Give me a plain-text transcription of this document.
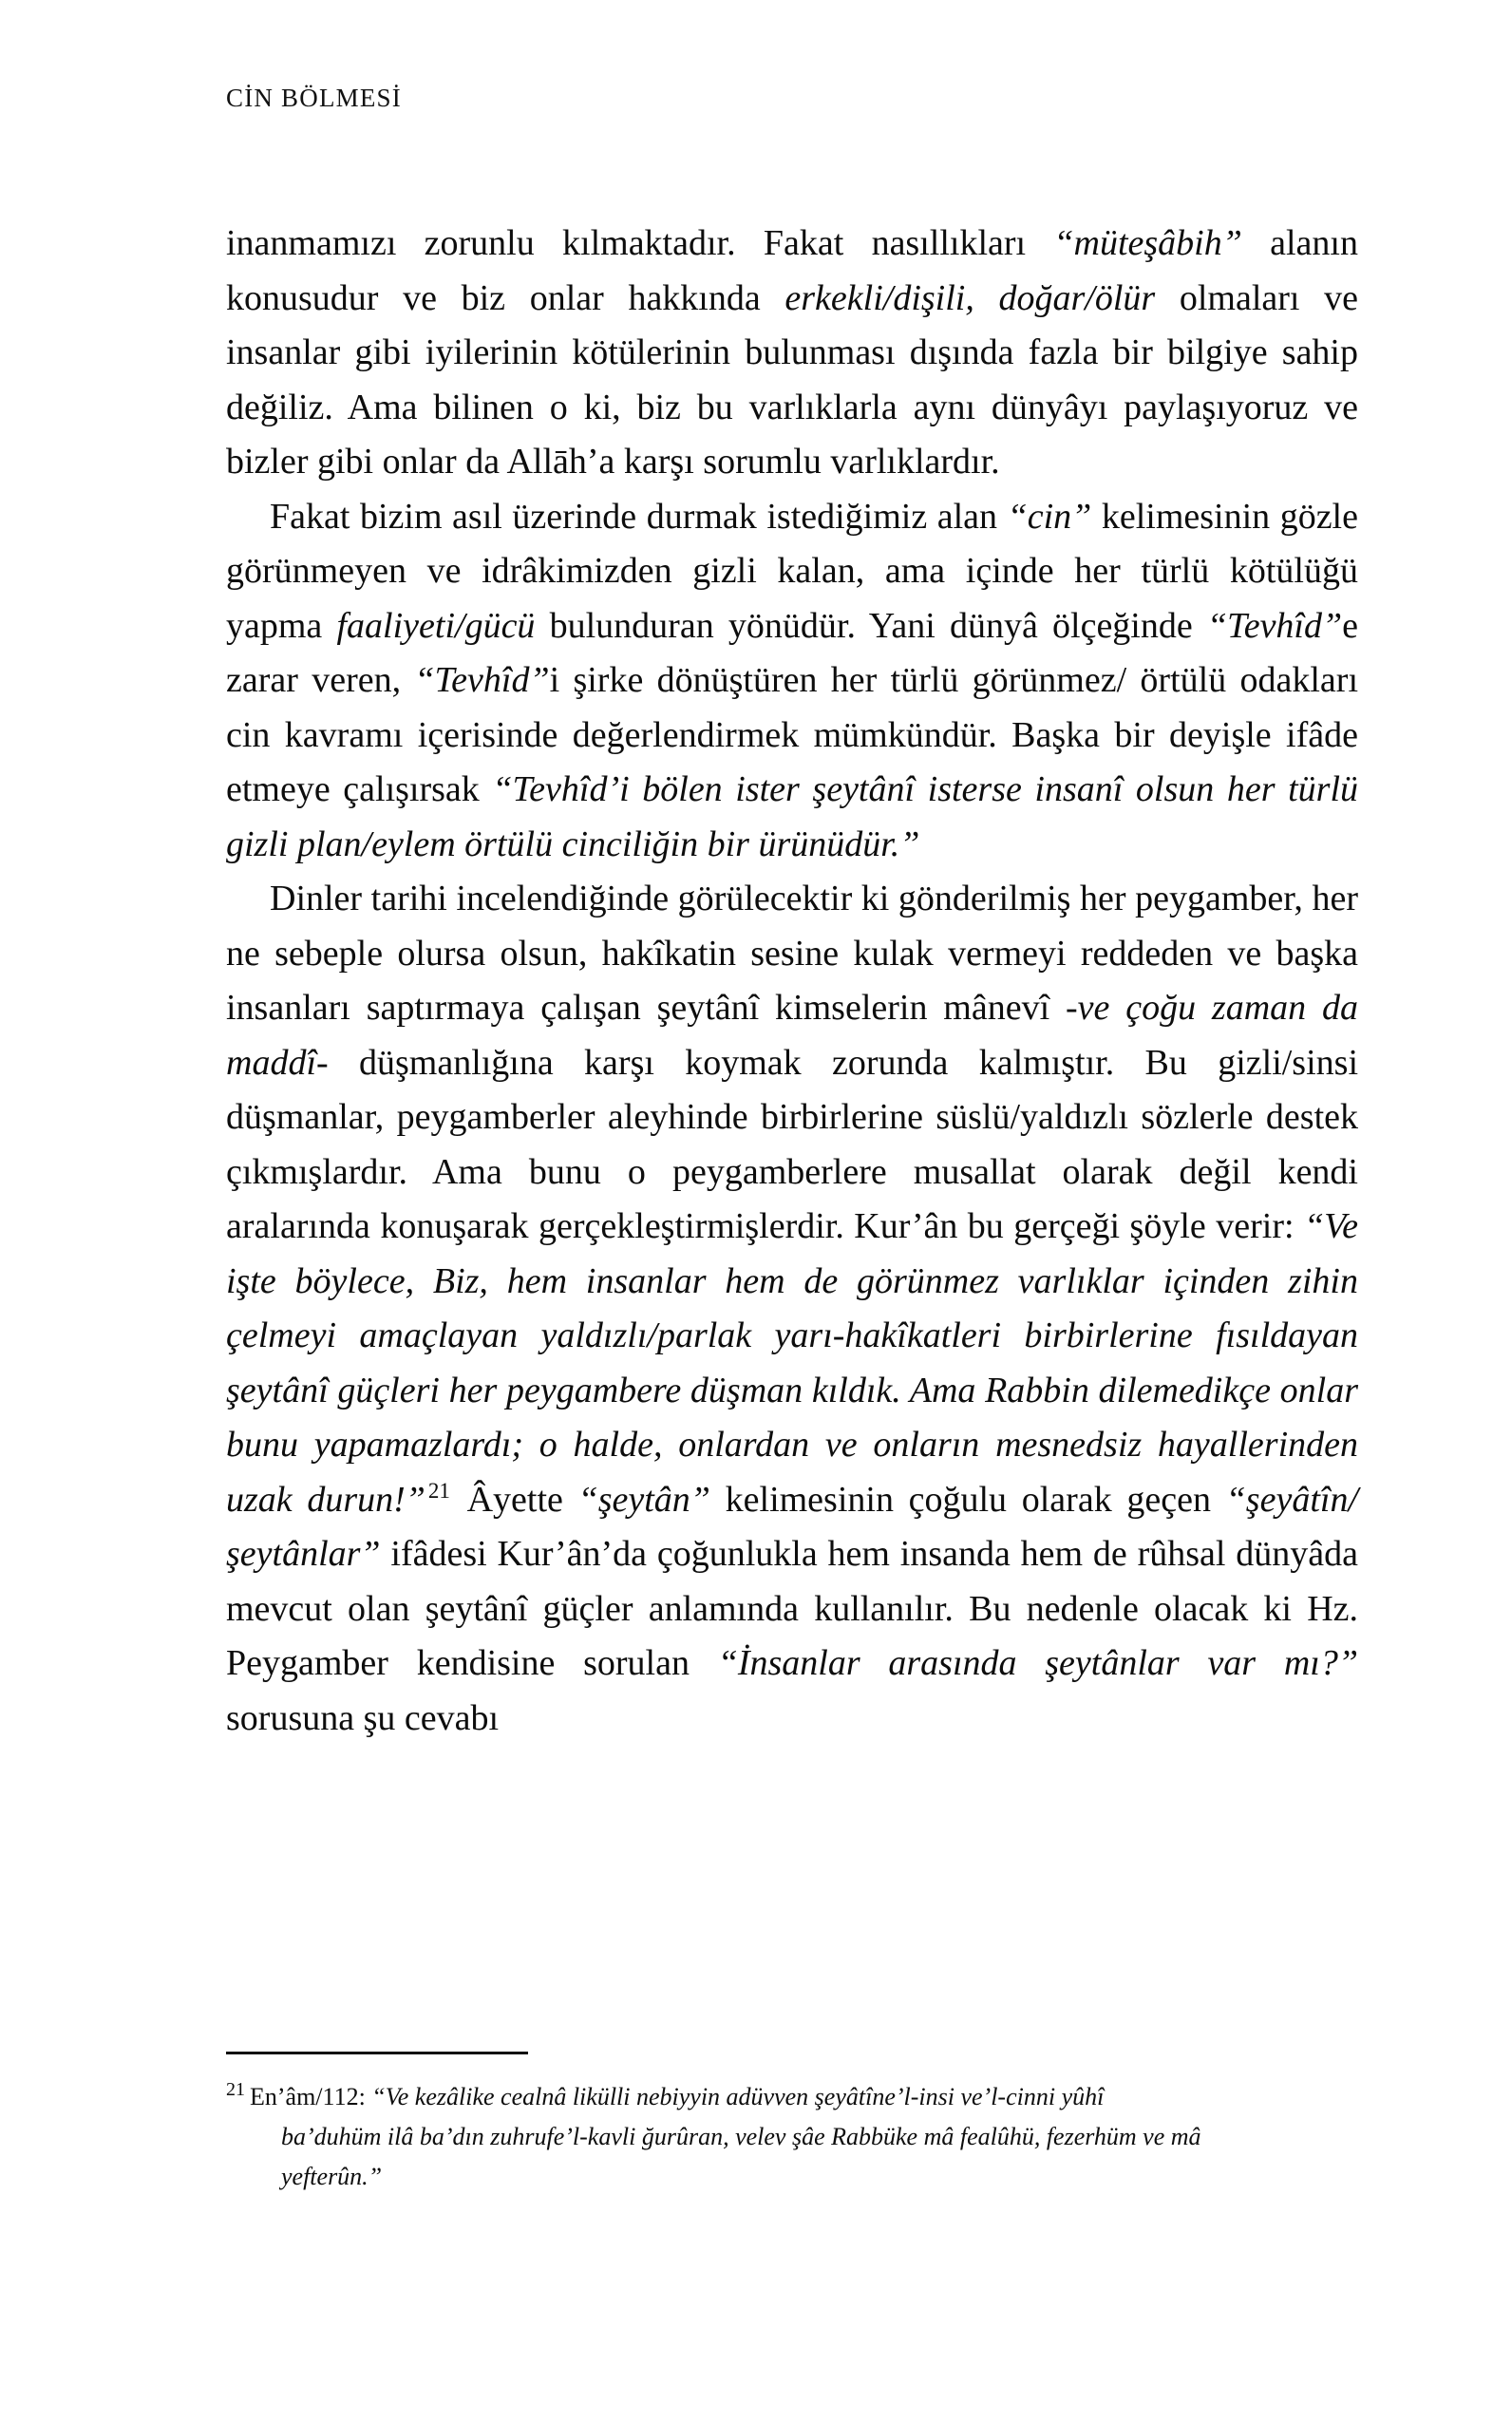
CİN BÖLMESİ

inanmamızı zorunlu kılmaktadır. Fakat nasıllıkları “müteşâbih” alanın konusudur ve biz onlar hakkında erkekli/dişili, doğar/ölür olmaları ve insanlar gibi iyilerinin kötülerinin bulunması dışında fazla bir bilgiye sahip değiliz. Ama bilinen o ki, biz bu varlıklarla aynı dünyâyı paylaşıyoruz ve bizler gibi onlar da Allāh’a karşı sorumlu varlıklardır.

Fakat bizim asıl üzerinde durmak istediğimiz alan “cin” kelimesinin gözle görünmeyen ve idrâkimizden gizli kalan, ama içinde her türlü kötülüğü yapma faaliyeti/gücü bulunduran yönüdür. Yani dünyâ ölçeğinde “Tevhîd”e zarar veren, “Tevhîd”i şirke dönüştüren her türlü görünmez/ örtülü odakları cin kavramı içerisinde değerlendirmek mümkündür. Başka bir deyişle ifâde etmeye çalışırsak “Tevhîd’i bölen ister şeytânî isterse insanî olsun her türlü gizli plan/eylem örtülü cinciliğin bir ürünüdür.”

Dinler tarihi incelendiğinde görülecektir ki gönderilmiş her peygamber, her ne sebeple olursa olsun, hakîkatin sesine kulak vermeyi reddeden ve başka insanları saptırmaya çalışan şeytânî kimselerin mânevî -ve çoğu zaman da maddî- düşmanlığına karşı koymak zorunda kalmıştır. Bu gizli/sinsi düşmanlar, peygamberler aleyhinde birbirlerine süslü/yaldızlı sözlerle destek çıkmışlardır. Ama bunu o peygamberlere musallat olarak değil kendi aralarında konuşarak gerçekleştirmişlerdir. Kur’ân bu gerçeği şöyle verir: “Ve işte böylece, Biz, hem insanlar hem de görünmez varlıklar içinden zihin çelmeyi amaçlayan yaldızlı/parlak yarı-hakîkatleri birbirlerine fısıldayan şeytânî güçleri her peygambere düşman kıldık. Ama Rabbin dilemedikçe onlar bunu yapamazlardı; o halde, onlardan ve onların mesnedsiz hayallerinden uzak durun!” $^{21}$ Âyette “şeytân” kelimesinin çoğulu olarak geçen “şeyâtîn/şeytânlar” ifâdesi Kur’ân’da çoğunlukla hem insanda hem de rûhsal dünyâda mevcut olan şeytânî güçler anlamında kullanılır. Bu nedenle olacak ki Hz. Peygamber kendisine sorulan “İnsanlar arasında şeytânlar var mı?” sorusuna şu cevabı

$^{21}$ En’âm/112: “Ve kezâlike cealnâ likülli nebiyyin adüvven şeyâtîne’l-insi ve’l-cinni yûhî
ba’duhüm ilâ ba’dın zuhrufe’l-kavli ğurûran, velev şâe Rabbüke mâ fealûhü, fezerhüm ve mâ
yefterûn.”
